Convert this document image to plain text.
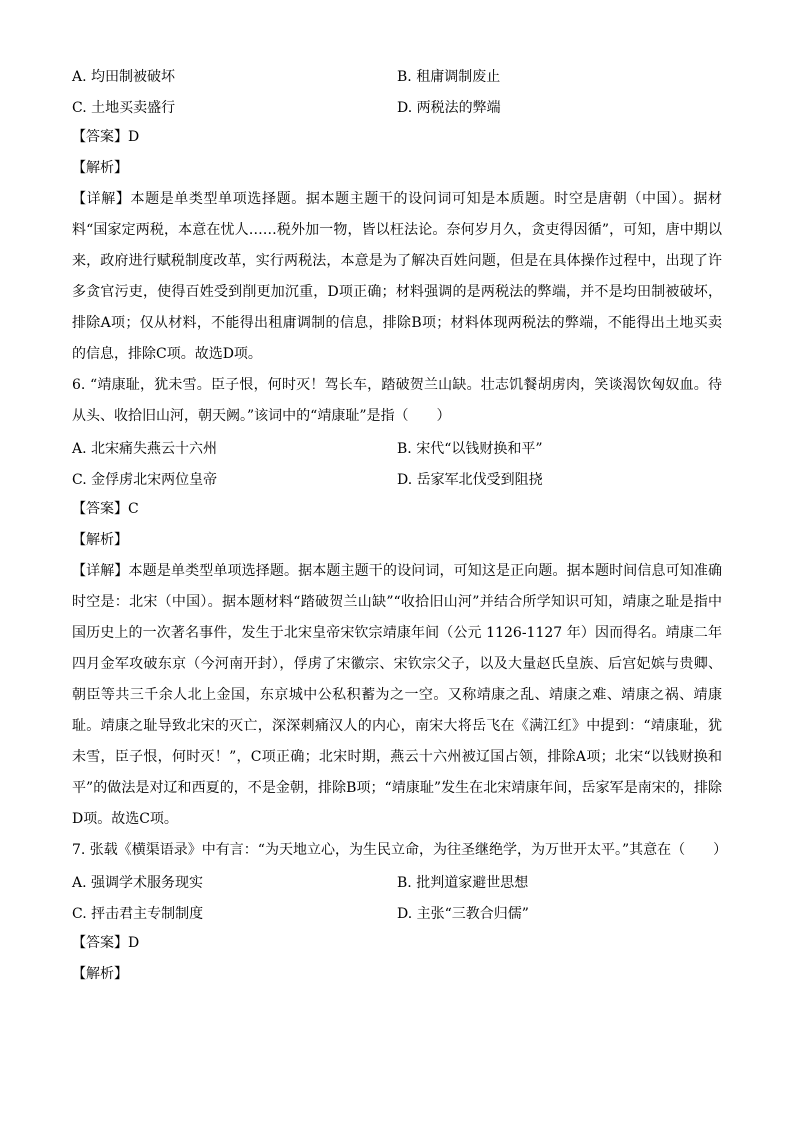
A. 均田制被破坏	B. 租庸调制废止
C. 土地买卖盛行	D. 两税法的弊端
【答案】D
【解析】

【详解】本题是单类型单项选择题。据本题主题干的设问词可知是本质题。时空是唐朝（中国）。据材料“国家定两税，本意在忧人……税外加一物，皆以枉法论。奈何岁月久，贪吏得因循”，可知，唐中期以来，政府进行赋税制度改革，实行两税法，本意是为了解决百姓问题，但是在具体操作过程中，出现了许多贪官污吏，使得百姓受到削更加沉重，D项正确；材料强调的是两税法的弊端，并不是均田制被破坏，排除A项；仅从材料，不能得出租庸调制的信息，排除B项；材料体现两税法的弊端，不能得出土地买卖的信息，排除C项。故选D项。

6. “靖康耻，犹未雪。臣子恨，何时灭！驾长车，踏破贺兰山缺。壮志饥餐胡虏肉，笑谈渴饮匈奴血。待从头、收拾旧山河，朝天阙。”该词中的“靖康耻”是指（　　）

A. 北宋痛失燕云十六州	B. 宋代“以钱财换和平”
C. 金俘虏北宋两位皇帝	D. 岳家军北伐受到阻挠
【答案】C
【解析】

【详解】本题是单类型单项选择题。据本题主题干的设问词，可知这是正向题。据本题时间信息可知准确时空是：北宋（中国）。据本题材料“踏破贺兰山缺”“收拾旧山河”并结合所学知识可知，靖康之耻是指中国历史上的一次著名事件，发生于北宋皇帝宋钦宗靖康年间（公元 1126-1127 年）因而得名。靖康二年四月金军攻破东京（今河南开封），俘虏了宋徽宗、宋钦宗父子，以及大量赵氏皇族、后宫妃嫔与贵卿、朝臣等共三千余人北上金国，东京城中公私积蓄为之一空。又称靖康之乱、靖康之难、靖康之祸、靖康耻。靖康之耻导致北宋的灭亡，深深刺痛汉人的内心，南宋大将岳飞在《满江红》中提到：“靖康耻，犹未雪，臣子恨，何时灭！”，C项正确；北宋时期，燕云十六州被辽国占领，排除A项；北宋“以钱财换和平”的做法是对辽和西夏的，不是金朝，排除B项；“靖康耻”发生在北宋靖康年间，岳家军是南宋的，排除D项。故选C项。

7. 张载《横渠语录》中有言：“为天地立心，为生民立命，为往圣继绝学，为万世开太平。”其意在（　　）

A. 强调学术服务现实	B. 批判道家避世思想
C. 抨击君主专制制度	D. 主张“三教合归儒”
【答案】D
【解析】
